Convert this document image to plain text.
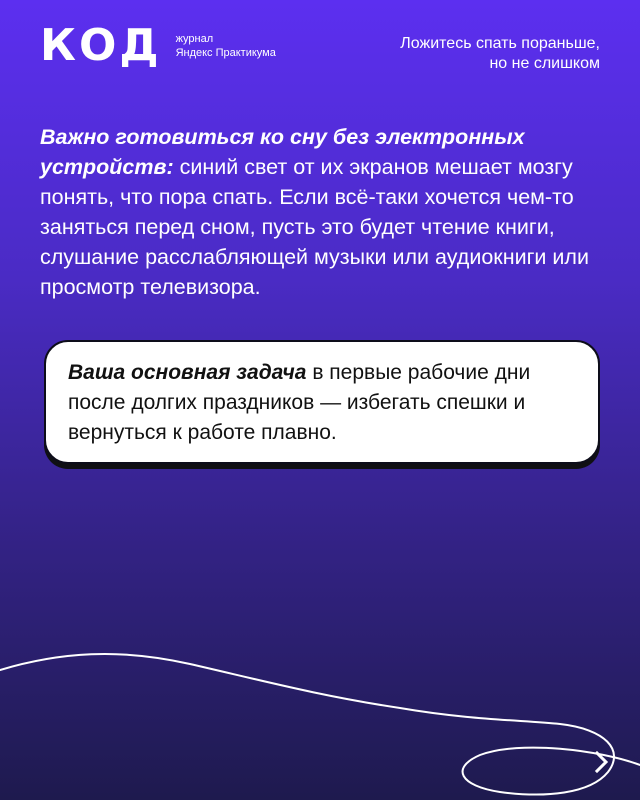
КОД журнал
Яндекс Практикума
Ложитесь спать пораньше,
но не слишком
Важно готовиться ко сну без электронных устройств: синий свет от их экранов мешает мозгу понять, что пора спать. Если всё-таки хочется чем-то заняться перед сном, пусть это будет чтение книги, слушание расслабляющей музыки или аудиокниги или просмотр телевизора.
Ваша основная задача в первые рабочие дни после долгих праздников — избегать спешки и вернуться к работе плавно.
